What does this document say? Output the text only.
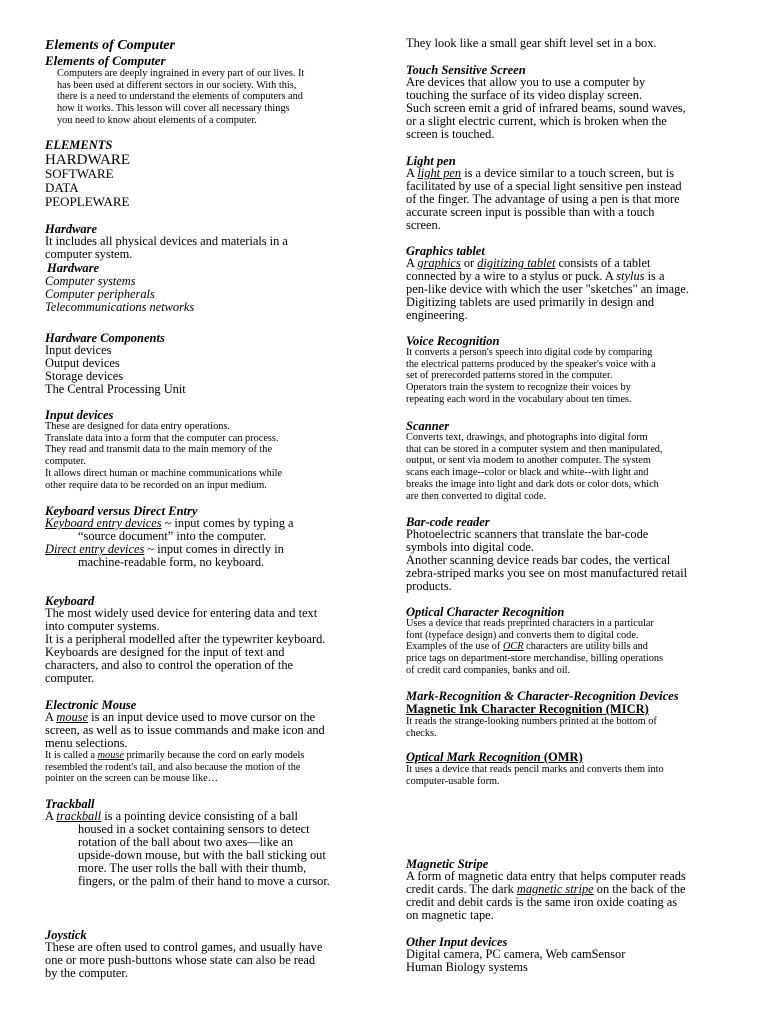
Elements of Computer
Elements of Computer
Computers are deeply ingrained in every part of our lives. It
has been used at different sectors in our society. With this,
there is a need to understand the elements of computers and
how it works. This lesson will cover all necessary things
you need to know about elements of a computer.
ELEMENTS
HARDWARE
SOFTWARE
DATA
PEOPLEWARE
Hardware
It includes all physical devices and materials in a
computer system.
Hardware
Computer systems
Computer peripherals
Telecommunications networks
Hardware Components
Input devices
Output devices
Storage devices
The Central Processing Unit
Input devices
These are designed for data entry operations.
Translate data into a form that the computer can process.
They read and transmit data to the main memory of the
computer.
It allows direct human or machine communications while
other require data to be recorded on an input medium.
Keyboard versus Direct Entry
Keyboard entry devices ~ input comes by typing a
“source document” into the computer.
Direct entry devices ~ input comes in directly in
machine-readable form, no keyboard.
Keyboard
The most widely used device for entering data and text
into computer systems.
It is a peripheral modelled after the typewriter keyboard.
Keyboards are designed for the input of text and
characters, and also to control the operation of the
computer.
Electronic Mouse
A mouse is an input device used to move cursor on the
screen, as well as to issue commands and make icon and
menu selections.
It is called a mouse primarily because the cord on early models
resembled the rodent's tail, and also because the motion of the
pointer on the screen can be mouse like…
Trackball
A trackball is a pointing device consisting of a ball
housed in a socket containing sensors to detect
rotation of the ball about two axes—like an
upside-down mouse, but with the ball sticking out
more. The user rolls the ball with their thumb,
fingers, or the palm of their hand to move a cursor.
Joystick
These are often used to control games, and usually have
one or more push-buttons whose state can also be read
by the computer.
They look like a small gear shift level set in a box.
Touch Sensitive Screen
Are devices that allow you to use a computer by
touching the surface of its video display screen.
Such screen emit a grid of infrared beams, sound waves,
or a slight electric current, which is broken when the
screen is touched.
Light pen
A light pen is a device similar to a touch screen, but is
facilitated by use of a special light sensitive pen instead
of the finger. The advantage of using a pen is that more
accurate screen input is possible than with a touch
screen.
Graphics tablet
A graphics or digitizing tablet consists of a tablet
connected by a wire to a stylus or puck. A stylus is a
pen-like device with which the user "sketches" an image.
Digitizing tablets are used primarily in design and
engineering.
Voice Recognition
It converts a person's speech into digital code by comparing
the electrical patterns produced by the speaker's voice with a
set of prerecorded patterns stored in the computer.
Operators train the system to recognize their voices by
repeating each word in the vocabulary about ten times.
Scanner
Converts text, drawings, and photographs into digital form
that can be stored in a computer system and then manipulated,
output, or sent via modem to another computer. The system
scans each image--color or black and white--with light and
breaks the image into light and dark dots or color dots, which
are then converted to digital code.
Bar-code reader
Photoelectric scanners that translate the bar-code
symbols into digital code.
Another scanning device reads bar codes, the vertical
zebra-striped marks you see on most manufactured retail
products.
Optical Character Recognition
Uses a device that reads preprinted characters in a particular
font (typeface design) and converts them to digital code.
Examples of the use of OCR characters are utility bills and
price tags on department-store merchandise, billing operations
of credit card companies, banks and oil.
Mark-Recognition & Character-Recognition Devices
Magnetic Ink Character Recognition (MICR)
It reads the strange-looking numbers printed at the bottom of
checks.
Optical Mark Recognition (OMR)
It uses a device that reads pencil marks and converts them into
computer-usable form.
Magnetic Stripe
A form of magnetic data entry that helps computer reads
credit cards. The dark magnetic stripe on the back of the
credit and debit cards is the same iron oxide coating as
on magnetic tape.
Other Input devices
Digital camera, PC camera, Web camSensor
Human Biology systems
